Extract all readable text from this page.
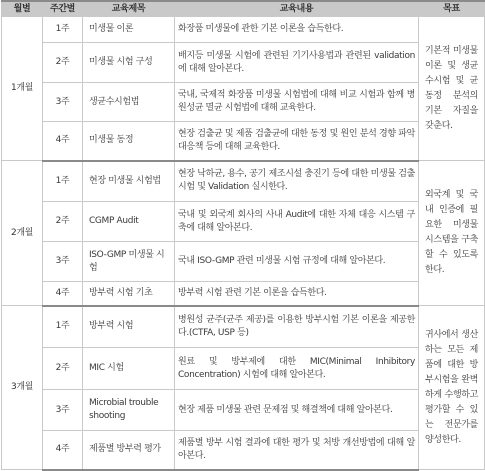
월별	주간별	교육제목	교육내용	목표
1개월	1주	미생물 이론	화장품 미생물에 관한 기본 이론을 습득한다.	기본적 미생물 이론 및 생균 수시험 및 균 동정 분석의 기본 자질을 갖춘다.
	2주	미생물 시험 구성	배지등 미생물 시험에 관련된 기기사용법과 관련된 validation에 대해 알아본다.	
	3주	생균수시험법	국내, 국제적 화장품 미생물 시험법에 대해 비교 시험과 함께 병원성균 멸균 시험법에 대해 교육한다.	
	4주	미생물 동정	현장 검출균 및 제품 검출균에 대한 동정 및 원인 분석 경향 파악 대응책 등에 대해 교육한다.	
2개월	1주	현장 미생물 시험법	현장 낙하균, 용수, 공기 제조시설 충진기 등에 대한 미생물 검출 시험 및 Validation 실시한다.	외국계 및 국내 인증에 필요한 미생물 시스템을 구축할 수 있도록 한다.
	2주	CGMP Audit	국내 및 외국계 회사의 사내 Audit에 대한 자체 대응 시스템 구축에 대해 알아본다.	
	3주	ISO-GMP 미생물 시험	국내 ISO-GMP 관련 미생물 시험 규정에 대해 알아본다.	
	4주	방부력 시험 기초	방부력 시험 관련 기본 이론을 습득한다.	
3개월	1주	방부력 시험	병원성 균주(균주 제공)를 이용한 방부시험 기본 이론을 제공한다.(CTFA, USP 등)	귀사에서 생산하는 모든 제품에 대한 방부시험을 완벽하게 수행하고 평가할 수 있는 전문가를 양성한다.
	2주	MIC 시험	원료 및 방부제에 대한 MIC(Minimal Inhibitory Concentration) 시험에 대해 알아본다.	
	3주	Microbial trouble shooting	현장 제품 미생물 관련 문제점 및 해결책에 대해 알아본다.	
	4주	제품별 방부력 평가	제품별 방부 시험 결과에 대한 평가 및 처방 개선방법에 대해 알아본다.	
